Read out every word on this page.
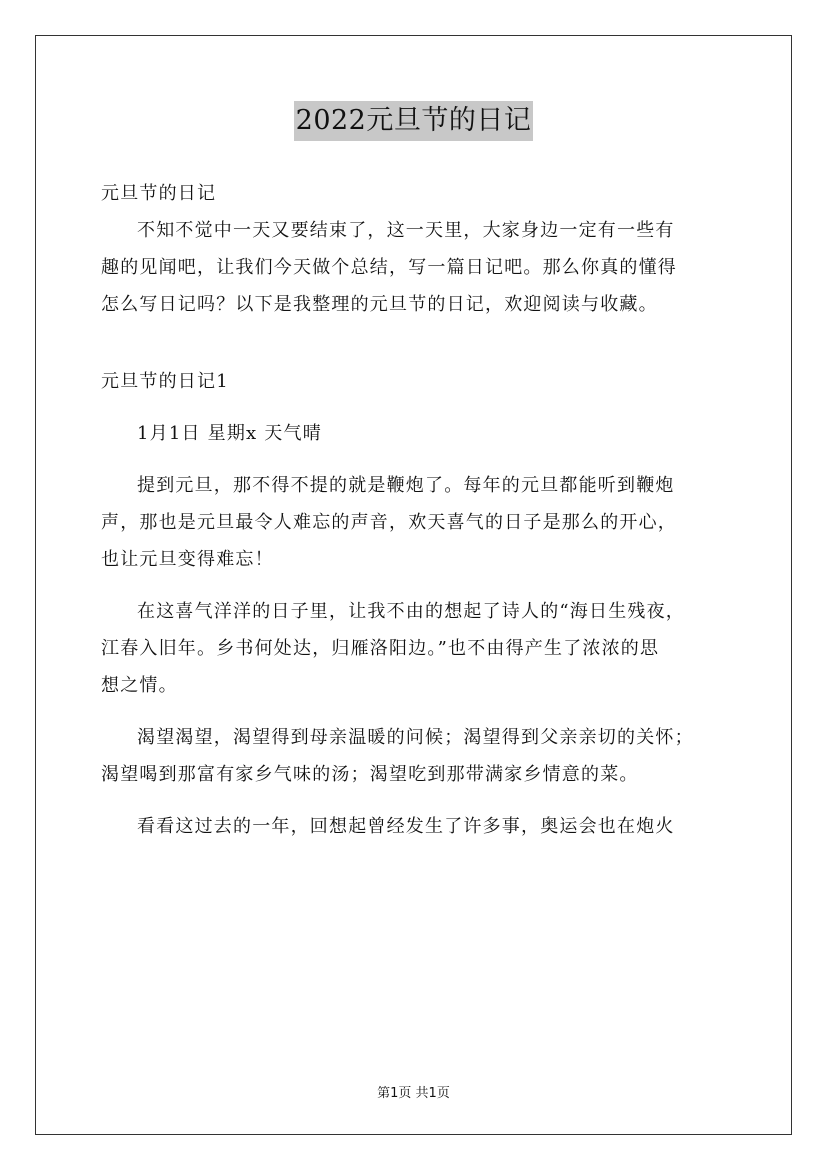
2022元旦节的日记
元旦节的日记
不知不觉中一天又要结束了，这一天里，大家身边一定有一些有
趣的见闻吧，让我们今天做个总结，写一篇日记吧。那么你真的懂得
怎么写日记吗？以下是我整理的元旦节的日记，欢迎阅读与收藏。
元旦节的日记1
1月1日 星期x 天气晴
提到元旦，那不得不提的就是鞭炮了。每年的元旦都能听到鞭炮
声，那也是元旦最令人难忘的声音，欢天喜气的日子是那么的开心，
也让元旦变得难忘！
在这喜气洋洋的日子里，让我不由的想起了诗人的“海日生残夜，
江春入旧年。乡书何处达，归雁洛阳边。”也不由得产生了浓浓的思
想之情。
渴望渴望，渴望得到母亲温暖的问候；渴望得到父亲亲切的关怀；
渴望喝到那富有家乡气味的汤；渴望吃到那带满家乡情意的菜。
看看这过去的一年，回想起曾经发生了许多事，奥运会也在炮火
第1页 共1页
